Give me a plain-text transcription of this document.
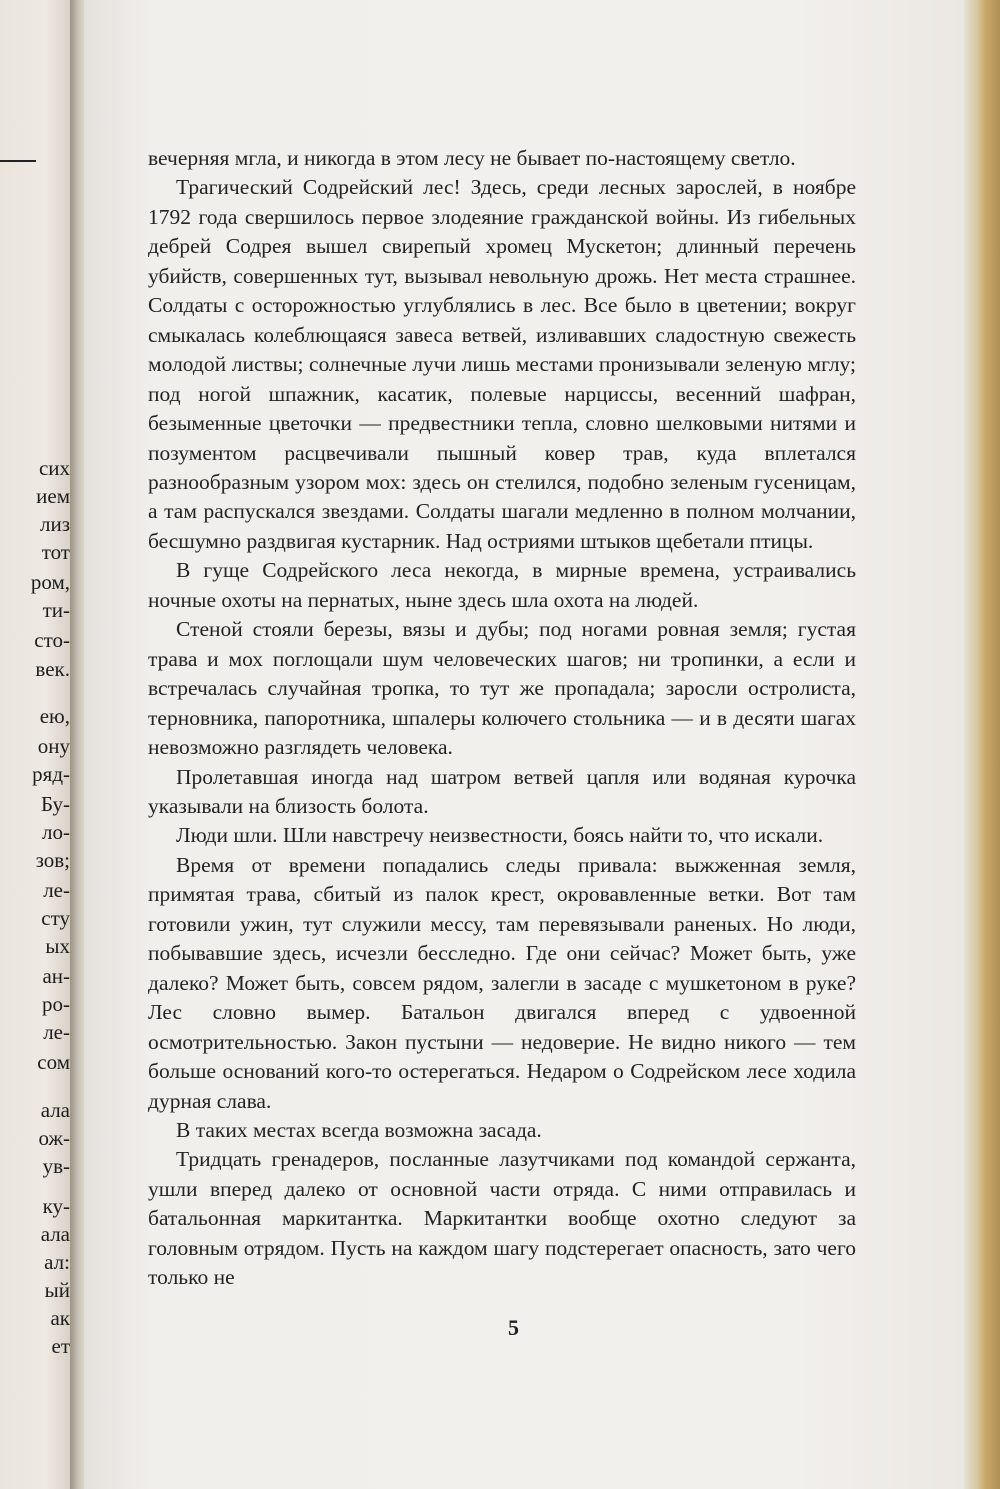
сих
ием
лиз
тот
ром,
ти-
сто-
век.
ею,
ону
ряд-
Бу-
ло-
зов;
ле-
сту
ых
ан-
ро-
ле-
сом
ала
ож-
ув-
ку-
ала
ал:
ый
ак
ет

вечерняя мгла, и никогда в этом лесу не бывает по-настоящему светло.

Трагический Содрейский лес! Здесь, среди лесных зарослей, в ноябре 1792 года свершилось первое злодеяние гражданской войны. Из гибельных дебрей Содрея вышел свирепый хромец Мускетон; длинный перечень убийств, совершенных тут, вызывал невольную дрожь. Нет места страшнее. Солдаты с осторожностью углублялись в лес. Все было в цветении; вокруг смыкалась колеблющаяся завеса ветвей, изливавших сладостную свежесть молодой листвы; солнечные лучи лишь местами пронизывали зеленую мглу; под ногой шпажник, касатик, полевые нарциссы, весенний шафран, безыменные цветочки — предвестники тепла, словно шелковыми нитями и позументом расцвечивали пышный ковер трав, куда вплетался разнообразным узором мох: здесь он стелился, подобно зеленым гусеницам, а там распускался звездами. Солдаты шагали медленно в полном молчании, бесшумно раздвигая кустарник. Над остриями штыков щебетали птицы.

В гуще Содрейского леса некогда, в мирные времена, устраивались ночные охоты на пернатых, ныне здесь шла охота на людей.

Стеной стояли березы, вязы и дубы; под ногами ровная земля; густая трава и мох поглощали шум человеческих шагов; ни тропинки, а если и встречалась случайная тропка, то тут же пропадала; заросли остролиста, терновника, папоротника, шпалеры колючего стольника — и в десяти шагах невозможно разглядеть человека.

Пролетавшая иногда над шатром ветвей цапля или водяная курочка указывали на близость болота.

Люди шли. Шли навстречу неизвестности, боясь найти то, что искали.

Время от времени попадались следы привала: выжженная земля, примятая трава, сбитый из палок крест, окровавленные ветки. Вот там готовили ужин, тут служили мессу, там перевязывали раненых. Но люди, побывавшие здесь, исчезли бесследно. Где они сейчас? Может быть, уже далеко? Может быть, совсем рядом, залегли в засаде с мушкетоном в руке? Лес словно вымер. Батальон двигался вперед с удвоенной осмотрительностью. Закон пустыни — недоверие. Не видно никого — тем больше оснований кого-то остерегаться. Недаром о Содрейском лесе ходила дурная слава.

В таких местах всегда возможна засада.

Тридцать гренадеров, посланные лазутчиками под командой сержанта, ушли вперед далеко от основной части отряда. С ними отправилась и батальонная маркитантка. Маркитантки вообще охотно следуют за головным отрядом. Пусть на каждом шагу подстерегает опасность, зато чего только не

5
